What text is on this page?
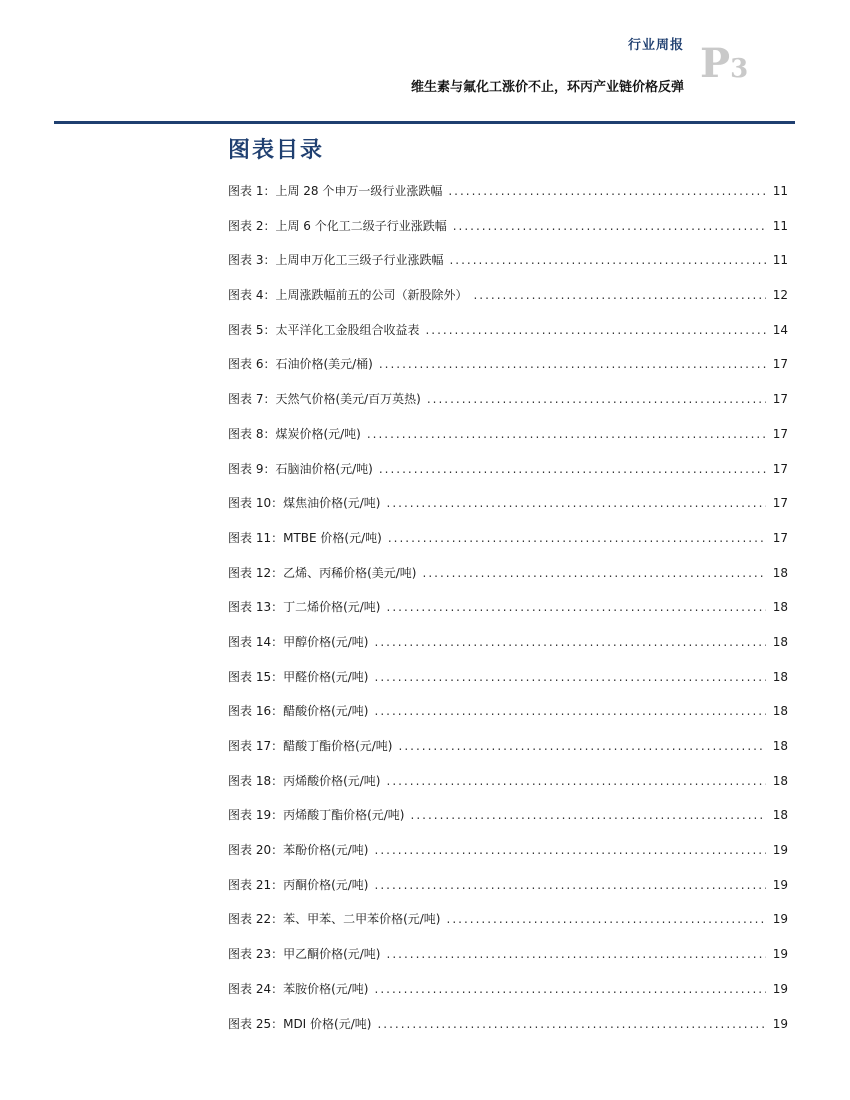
行业周报
维生素与氟化工涨价不止，环丙产业链价格反弹
P3
图表目录
图表 1：上周 28 个申万一级行业涨跌幅 .....	11
图表 2：上周 6 个化工二级子行业涨跌幅 .....	11
图表 3：上周申万化工三级子行业涨跌幅 .....	11
图表 4：上周涨跌幅前五的公司（新股除外） .....	12
图表 5：太平洋化工金股组合收益表 .....	14
图表 6：石油价格(美元/桶) .....	17
图表 7：天然气价格(美元/百万英热) .....	17
图表 8：煤炭价格(元/吨) .....	17
图表 9：石脑油价格(元/吨) .....	17
图表 10：煤焦油价格(元/吨) .....	17
图表 11：MTBE 价格(元/吨) .....	17
图表 12：乙烯、丙稀价格(美元/吨) .....	18
图表 13：丁二烯价格(元/吨) .....	18
图表 14：甲醇价格(元/吨) .....	18
图表 15：甲醛价格(元/吨) .....	18
图表 16：醋酸价格(元/吨) .....	18
图表 17：醋酸丁酯价格(元/吨) .....	18
图表 18：丙烯酸价格(元/吨) .....	18
图表 19：丙烯酸丁酯价格(元/吨) .....	18
图表 20：苯酚价格(元/吨) .....	19
图表 21：丙酮价格(元/吨) .....	19
图表 22：苯、甲苯、二甲苯价格(元/吨) .....	19
图表 23：甲乙酮价格(元/吨) .....	19
图表 24：苯胺价格(元/吨) .....	19
图表 25：MDI 价格(元/吨) .....	19
